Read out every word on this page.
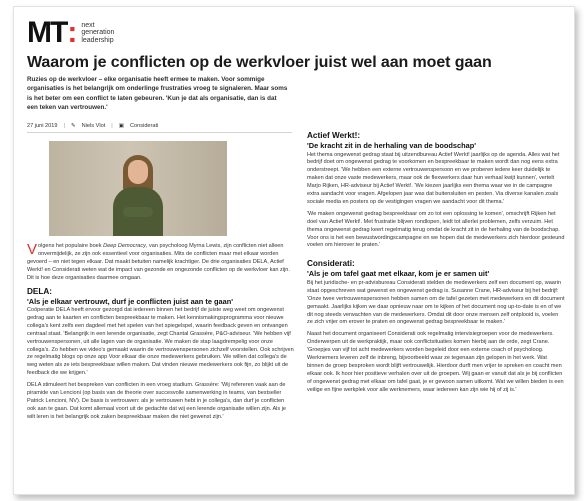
MT: next
generation
leadership
Waarom je conflicten op de werkvloer juist wel aan moet gaan
Ruzies op de werkvloer – elke organisatie heeft ermee te maken. Voor sommige organisaties is het belangrijk om onderlinge frustraties vroeg te signaleren. Maar soms is het beter om een conflict te laten gebeuren. 'Kun je dat als organisatie, dan is dat een teken van vertrouwen.'
27 juni 2019 | ✎ Niels Vlot | ▣ Considerati

Volgens het populaire boek Deep Democracy, van psycholoog Myrna Lewis, zijn conflicten niet alleen onvermijdelijk, ze zijn ook essentieel voor organisaties. Mits de conflicten maar met elkaar worden gevoerd – en niet tegen elkaar. Dat maakt betuiten namelijk krachtiger. De drie organisaties DELA, Actief Werkt! en Considerati weten wat de impact van gezonde en ongezonde conflicten op de werkvloer kan zijn. Dit is hoe deze organisaties daarmee omgaan.

DELA:
'Als je elkaar vertrouwt, durf je conflicten juist aan te gaan'

Coöperatie DELA heeft ervoor gezorgd dat iedereen binnen het bedrijf de juiste weg weet om ongewenst gedrag aan te kaarten en conflicten bespreekbaar te maken. Het kennismakingsprogramma voor nieuwe collega's kent zelfs een dagdeel met het spelen van het spiegelspel, waarin feedback geven en ontvangen centraal staat. 'Belangrijk in een lerende organisatie, zegt Chantal Grassère, P&O-adviseur. 'We hebben vijf vertrouwenspersonen, uit alle lagen van de organisatie. We maken de stap laagdrempelig voor onze collega's. Zo hebben we video's gemaakt waarin de vertrouwenspersonen zichzelf voorstellen. Ook schrijven ze regelmatig blogs op onze app Voor elkaar die onze medewerkers gebruiken. We willen dat collega's de weg weten als ze iets bespreekbaar willen maken. Dat vinden nieuwe medewerkers ook fijn, zo blijkt uit de feedback die we krijgen.'

DELA stimuleert het bespreken van conflicten in een vroeg stadium. Grassère: 'Wij refereren vaak aan de piramide van Lencioni (op basis van de theorie over succesvolle samenwerking in teams, van bestseller Patrick Lencioni, NV). De basis is vertrouwen: als je vertrouwen hebt in je collega's, dan durf je conflicten ook aan te gaan. Dat komt allemaal voort uit de gedachte dat wij een lerende organisatie willen zijn. Als je wilt leren is het belangrijk ook zaken bespreekbaar maken die niet gewenst zijn.'

Actief Werkt!:
'De kracht zit in de herhaling van de boodschap'

Het thema ongewenst gedrag staat bij uitzendbureau Actief Werkt! jaarlijks op de agenda. Alles wat het bedrijf doet om ongewenst gedrag te voorkomen en bespreekbaar te maken wordt dan nog eens extra onderstreept. 'We hebben een externe vertrouwenspersoon en we proberen iedere keer duidelijk te maken dat onze vaste medewerkers, maar ook de flexwerkers daar hun verhaal kwijt kunnen', vertelt Marjo Rijken, HR-adviseur bij Actief Werkt!. 'We kiezen jaarlijks een thema waar we in de campagne extra aandacht voor vragen. Afgelopen jaar was dat buitensluiten en pesten. Via diverse kanalen zoals sociale media en posters op de vestigingen vragen we aandacht voor dit thema.'

'We maken ongewenst gedrag bespreekbaar om zo tot een oplossing te komen', omschrijft Rijken het doel van Actief Werkt!. Met frustratie blijven rondlopen, leidt tot allerlei problemen, zelfs verzuim. Het thema ongewenst gedrag keert regelmatig terug omdat de kracht zit in de herhaling van de boodschap. Voor ons is het een bewustwordingscampagne en we hopen dat de medewerkers zich hierdoor gesteund voelen om hierover te praten.'

Considerati:
'Als je om tafel gaat met elkaar, kom je er samen uit'

Bij het juridische- en pr-advisbureau Considerati stelden de medewerkers zelf een document op, waarin staat opgeschreven wat gewenst en ongewenst gedrag is. Susanne Crane, HR-adviseur bij het bedrijf: 'Onze twee vertrouwenspersonen hebben samen om de tafel gezeten met medewerkers en dit document gemaakt. Jaarlijks kijken we daar opnieuw naar om te kijken of het document nog up-to-date is en of we dit nog steeds verwachten van de medewerkers. Omdat dit door onze mensen zelf ontplooid is, voelen ze zich vrijer om erover te praten en ongewenst gedrag bespreekbaar te maken.'

Naast het document organiseert Considerati ook regelmatig intervisiegroepen voor de medewerkers. Onderwerpen uit de werkpraktijk, maar ook conflictsituaties komen hierbij aan de orde, zegt Crane. 'Groepjes van vijf tot acht medewerkers worden begeleid door een externe coach of psycholoog. Werknemers leveren zelf de inbreng, bijvoorbeeld waar ze tegenaan zijn gelopen in het werk. Wat binnen de groep besproken wordt blijft vertrouwelijk. Hierdoor durft men vrijer te spreken en coacht men elkaar ook. Ik hoor hier positieve verhalen over uit de groepen. Wij gaan er vanuit dat als je bij conflicten of ongewenst gedrag met elkaar om tafel gaat, je er gewoon samen uitkomt. Wat we willen bieden is een veilige en fijne werkplek voor alle werknemers, waar iedereen kan zijn wie hij of zij is.'
